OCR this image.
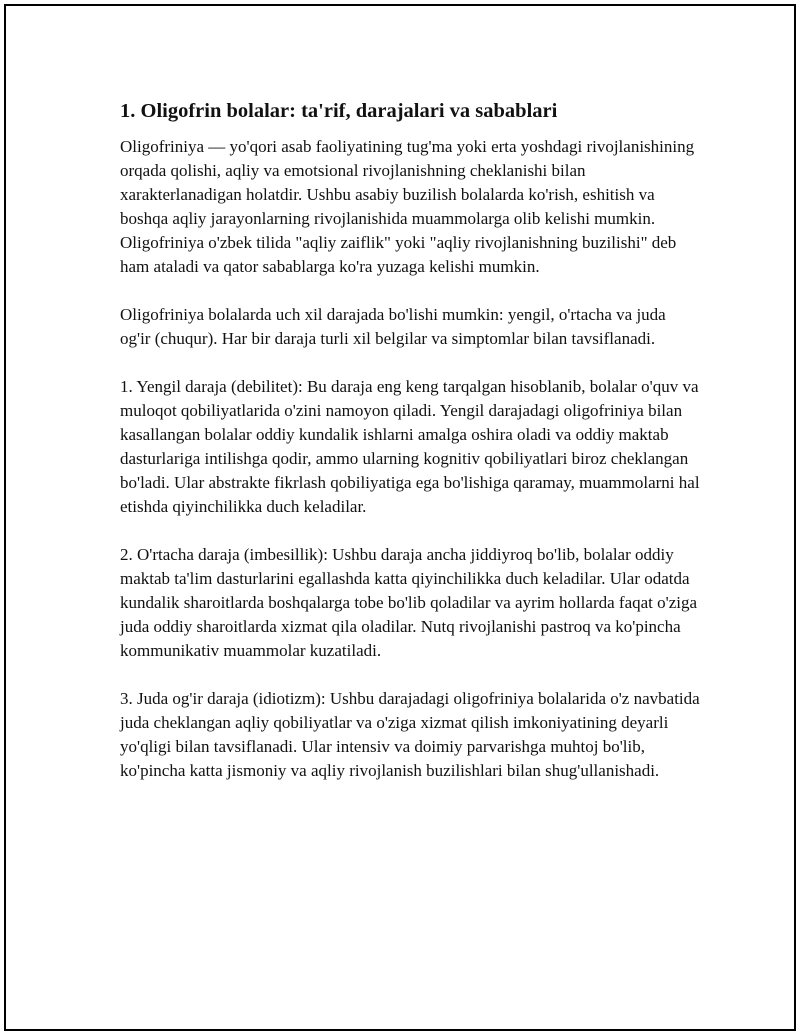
1. Oligofrin bolalar: ta'rif, darajalari va sabablari

Oligofriniya — yo'qori asab faoliyatining tug'ma yoki erta yoshdagi rivojlanishining orqada qolishi, aqliy va emotsional rivojlanishning cheklanishi bilan xarakterlanadigan holatdir. Ushbu asabiy buzilish bolalarda ko'rish, eshitish va boshqa aqliy jarayonlarning rivojlanishida muammolarga olib kelishi mumkin. Oligofriniya o'zbek tilida "aqliy zaiflik" yoki "aqliy rivojlanishning buzilishi" deb ham ataladi va qator sabablarga ko'ra yuzaga kelishi mumkin.

Oligofriniya bolalarda uch xil darajada bo'lishi mumkin: yengil, o'rtacha va juda og'ir (chuqur). Har bir daraja turli xil belgilar va simptomlar bilan tavsiflanadi.

1. Yengil daraja (debilitet): Bu daraja eng keng tarqalgan hisoblanib, bolalar o'quv va muloqot qobiliyatlarida o'zini namoyon qiladi. Yengil darajadagi oligofriniya bilan kasallangan bolalar oddiy kundalik ishlarni amalga oshira oladi va oddiy maktab dasturlariga intilishga qodir, ammo ularning kognitiv qobiliyatlari biroz cheklangan bo'ladi. Ular abstrakte fikrlash qobiliyatiga ega bo'lishiga qaramay, muammolarni hal etishda qiyinchilikka duch keladilar.

2. O'rtacha daraja (imbesillik): Ushbu daraja ancha jiddiyroq bo'lib, bolalar oddiy maktab ta'lim dasturlarini egallashda katta qiyinchilikka duch keladilar. Ular odatda kundalik sharoitlarda boshqalarga tobe bo'lib qoladilar va ayrim hollarda faqat o'ziga juda oddiy sharoitlarda xizmat qila oladilar. Nutq rivojlanishi pastroq va ko'pincha kommunikativ muammolar kuzatiladi.

3. Juda og'ir daraja (idiotizm): Ushbu darajadagi oligofriniya bolalarida o'z navbatida juda cheklangan aqliy qobiliyatlar va o'ziga xizmat qilish imkoniyatining deyarli yo'qligi bilan tavsiflanadi. Ular intensiv va doimiy parvarishga muhtoj bo'lib, ko'pincha katta jismoniy va aqliy rivojlanish buzilishlari bilan shug'ullanishadi.
